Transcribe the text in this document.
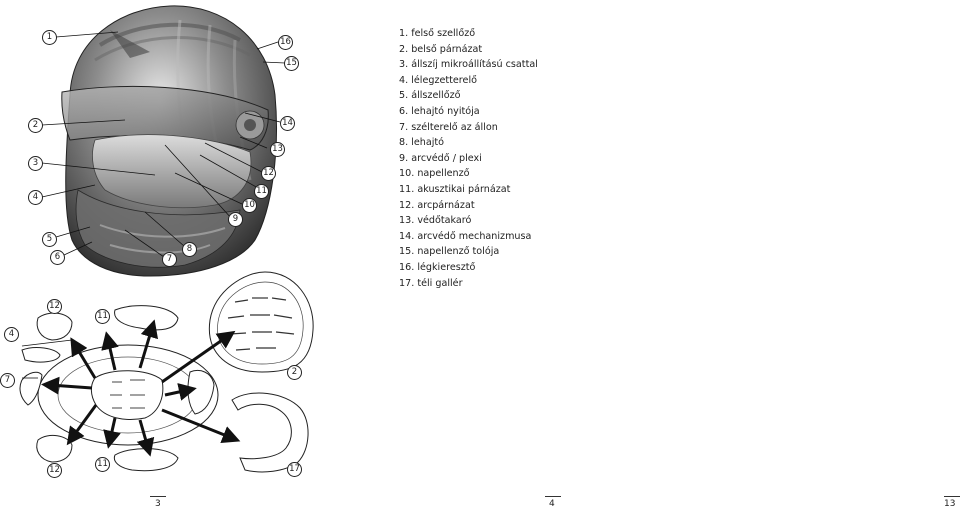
1
2
3
4
5
6	7
8
9
10
11
12
13
14
15
16
12
11
4
7
2
12
11	17
1. felső szellőző
2. belső párnázat
3. állszíj mikroállítású csattal
4. lélegzetterelő
5. állszellőző
6. lehajtó nyitója
7. szélterelő az állon
8. lehajtó
9. arcvédő / plexi
10. napellenző
11. akusztikai párnázat
12. arcpárnázat
13. védőtakaró
14. arcvédő mechanizmusa
15. napellenző tolója
16. légkieresztő
17. téli gallér
3	4	13
